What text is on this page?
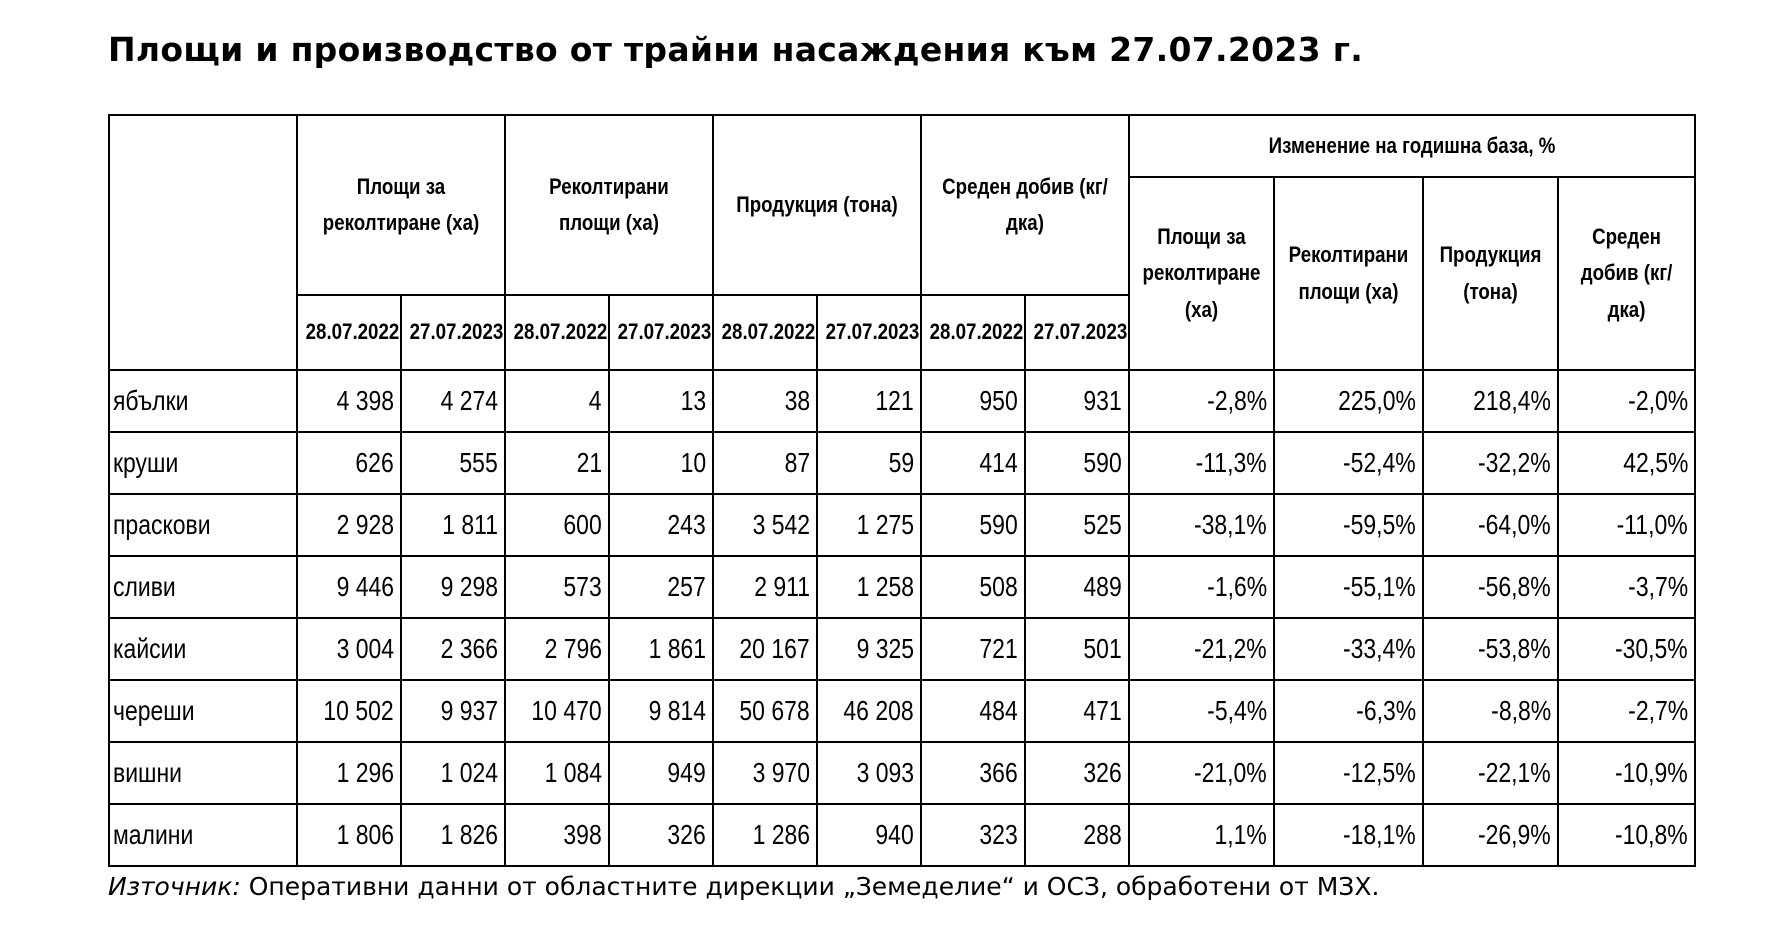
Площи и производство от трайни насаждения към 27.07.2023 г.
	Площи за реколтиране (ха)		Реколтирани площи (ха)		Продукция (тона)		Среден добив (кг/дка)		Изменение на годишна база, %			
									Площи за реколтиране (ха)	Реколтирани площи (ха)	Продукция (тона)	Среден добив (кг/дка)
	28.07.2022	27.07.2023	28.07.2022	27.07.2023	28.07.2022	27.07.2023	28.07.2022	27.07.2023				
ябълки	4 398	4 274	4	13	38	121	950	931	-2,8%	225,0%	218,4%	-2,0%
круши	626	555	21	10	87	59	414	590	-11,3%	-52,4%	-32,2%	42,5%
праскови	2 928	1 811	600	243	3 542	1 275	590	525	-38,1%	-59,5%	-64,0%	-11,0%
сливи	9 446	9 298	573	257	2 911	1 258	508	489	-1,6%	-55,1%	-56,8%	-3,7%
кайсии	3 004	2 366	2 796	1 861	20 167	9 325	721	501	-21,2%	-33,4%	-53,8%	-30,5%
череши	10 502	9 937	10 470	9 814	50 678	46 208	484	471	-5,4%	-6,3%	-8,8%	-2,7%
вишни	1 296	1 024	1 084	949	3 970	3 093	366	326	-21,0%	-12,5%	-22,1%	-10,9%
малини	1 806	1 826	398	326	1 286	940	323	288	1,1%	-18,1%	-26,9%	-10,8%
Източник: Оперативни данни от областните дирекции „Земеделие“ и ОСЗ, обработени от МЗХ.
